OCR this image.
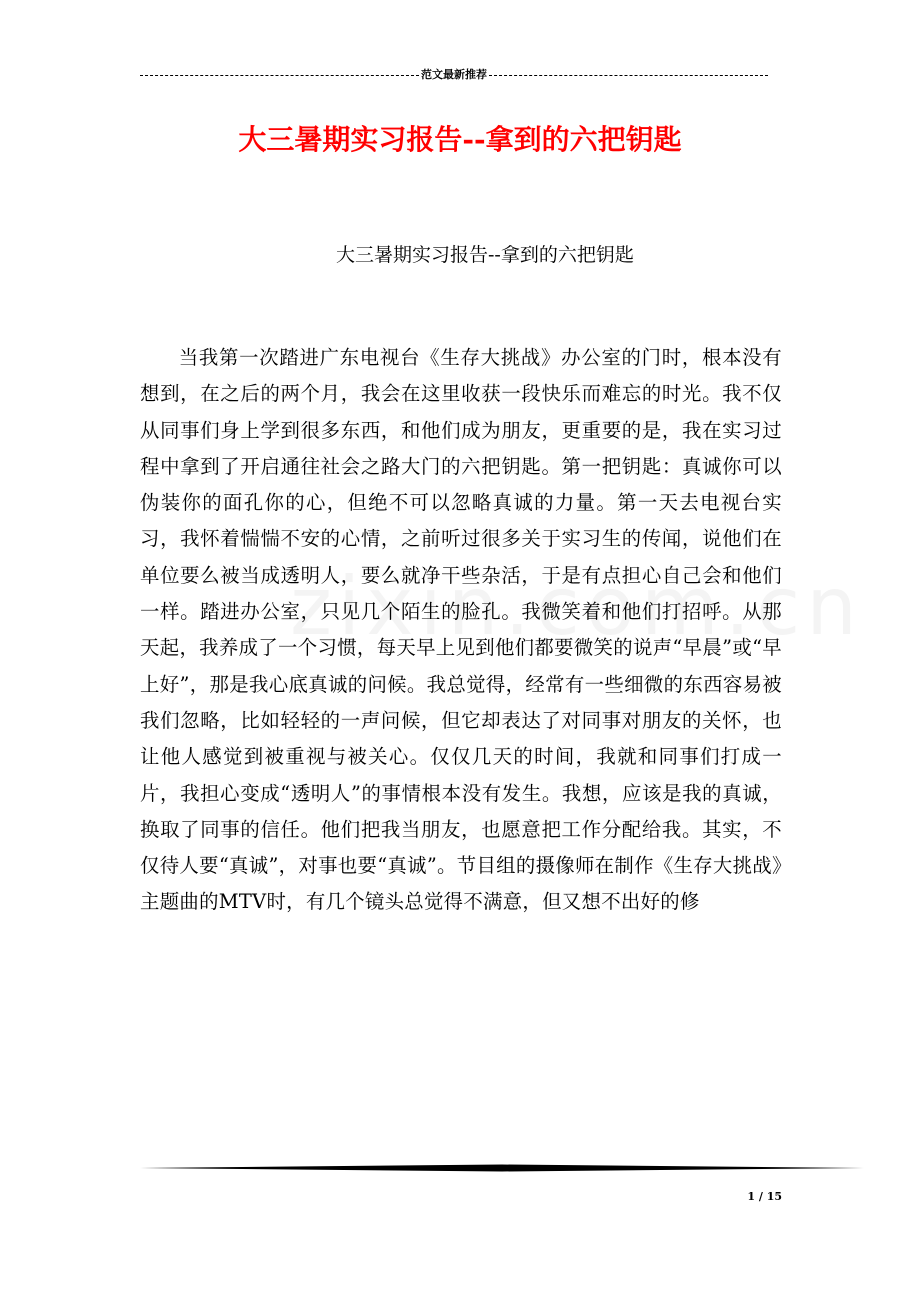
范文最新推荐
大三暑期实习报告--拿到的六把钥匙
大三暑期实习报告--拿到的六把钥匙

当我第一次踏进广东电视台《生存大挑战》办公室的门时，根本没有想到，在之后的两个月，我会在这里收获一段快乐而难忘的时光。我不仅从同事们身上学到很多东西，和他们成为朋友，更重要的是，我在实习过程中拿到了开启通往社会之路大门的六把钥匙。第一把钥匙：真诚你可以伪装你的面孔你的心，但绝不可以忽略真诚的力量。第一天去电视台实习，我怀着惴惴不安的心情，之前听过很多关于实习生的传闻，说他们在单位要么被当成透明人，要么就净干些杂活，于是有点担心自己会和他们一样。踏进办公室，只见几个陌生的脸孔。我微笑着和他们打招呼。从那天起，我养成了一个习惯，每天早上见到他们都要微笑的说声“早晨”或“早上好”，那是我心底真诚的问候。我总觉得，经常有一些细微的东西容易被我们忽略，比如轻轻的一声问候，但它却表达了对同事对朋友的关怀，也让他人感觉到被重视与被关心。仅仅几天的时间，我就和同事们打成一片，我担心变成“透明人”的事情根本没有发生。我想，应该是我的真诚，换取了同事的信任。他们把我当朋友，也愿意把工作分配给我。其实，不仅待人要“真诚”，对事也要“真诚”。节目组的摄像师在制作《生存大挑战》主题曲的MTV时，有几个镜头总觉得不满意，但又想不出好的修

1 / 15
